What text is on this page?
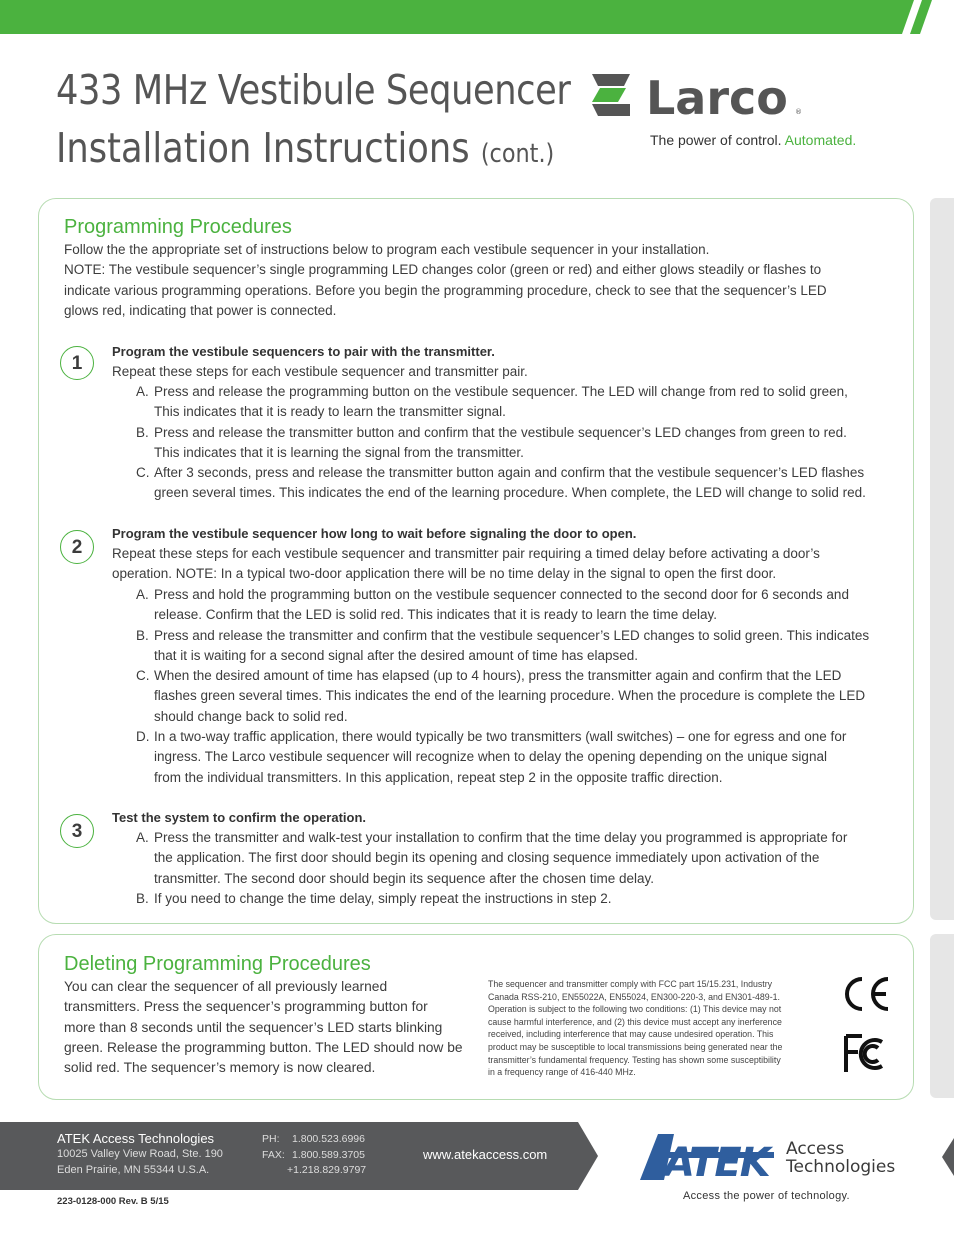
433 MHz Vestibule Sequencer
Installation Instructions (cont.)
Larco ®
The power of control. Automated.
Programming Procedures
Follow the the appropriate set of instructions below to program each vestibule sequencer in your installation.
NOTE: The vestibule sequencer’s single programming LED changes color (green or red) and either glows steadily or flashes to
indicate various programming operations. Before you begin the programming procedure, check to see that the sequencer’s LED
glows red, indicating that power is connected.
1
Program the vestibule sequencers to pair with the transmitter.
Repeat these steps for each vestibule sequencer and transmitter pair.
A. Press and release the programming button on the vestibule sequencer. The LED will change from red to solid green,
This indicates that it is ready to learn the transmitter signal.
B. Press and release the transmitter button and confirm that the vestibule sequencer’s LED changes from green to red.
This indicates that it is learning the signal from the transmitter.
C. After 3 seconds, press and release the transmitter button again and confirm that the vestibule sequencer’s LED flashes
green several times. This indicates the end of the learning procedure. When complete, the LED will change to solid red.
2
Program the vestibule sequencer how long to wait before signaling the door to open.
Repeat these steps for each vestibule sequencer and transmitter pair requiring a timed delay before activating a door’s
operation. NOTE: In a typical two-door application there will be no time delay in the signal to open the first door.
A. Press and hold the programming button on the vestibule sequencer connected to the second door for 6 seconds and
release. Confirm that the LED is solid red. This indicates that it is ready to learn the time delay.
B. Press and release the transmitter and confirm that the vestibule sequencer’s LED changes to solid green. This indicates
that it is waiting for a second signal after the desired amount of time has elapsed.
C. When the desired amount of time has elapsed (up to 4 hours), press the transmitter again and confirm that the LED
flashes green several times. This indicates the end of the learning procedure. When the procedure is complete the LED
should change back to solid red.
D. In a two-way traffic application, there would typically be two transmitters (wall switches) – one for egress and one for
ingress. The Larco vestibule sequencer will recognize when to delay the opening depending on the unique signal
from the individual transmitters. In this application, repeat step 2 in the opposite traffic direction.
3
Test the system to confirm the operation.
A. Press the transmitter and walk-test your installation to confirm that the time delay you programmed is appropriate for
the application. The first door should begin its opening and closing sequence immediately upon activation of the
transmitter. The second door should begin its sequence after the chosen time delay.
B. If you need to change the time delay, simply repeat the instructions in step 2.
Deleting Programming Procedures
You can clear the sequencer of all previously learned
transmitters. Press the sequencer’s programming button for
more than 8 seconds until the sequencer’s LED starts blinking
green. Release the programming button. The LED should now be
solid red. The sequencer’s memory is now cleared.
The sequencer and transmitter comply with FCC part 15/15.231, Industry
Canada RSS-210, EN55022A, EN55024, EN300-220-3, and EN301-489-1.
Operation is subject to the following two conditions: (1) This device may not
cause harmful interference, and (2) this device must accept any inerference
received, including interference that may cause undesired operation. This
product may be susceptible to local transmissions being generated near the
transmitter’s fundamental frequency. Testing has shown some susceptibility
in a frequency range of 416-440 MHz.
ATEK Access Technologies
10025 Valley View Road, Ste. 190
Eden Prairie, MN 55344 U.S.A.
PH: 1.800.523.6996
FAX: 1.800.589.3705
+1.218.829.9797
www.atekaccess.com	ATEK Access
Technologies
Access the power of technology.
223-0128-000 Rev. B 5/15
